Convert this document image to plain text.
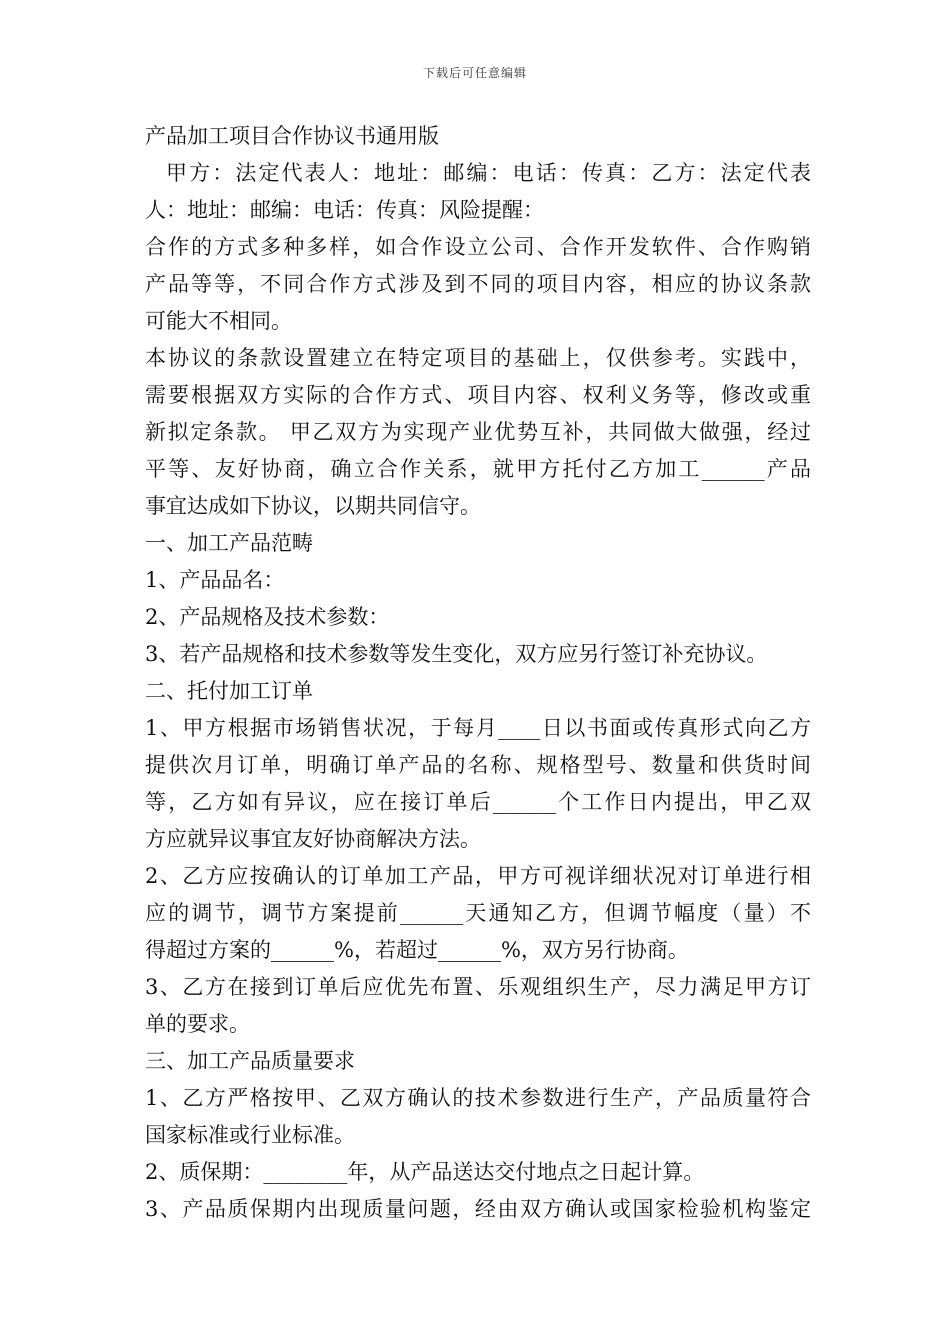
下载后可任意编辑
产品加工项目合作协议书通用版
甲方：法定代表人：地址：邮编：电话：传真：乙方：法定代表
人：地址：邮编：电话：传真：风险提醒：
合作的方式多种多样，如合作设立公司、合作开发软件、合作购销
产品等等，不同合作方式涉及到不同的项目内容，相应的协议条款
可能大不相同。
本协议的条款设置建立在特定项目的基础上，仅供参考。实践中，
需要根据双方实际的合作方式、项目内容、权利义务等，修改或重
新拟定条款。 甲乙双方为实现产业优势互补，共同做大做强，经过
平等、友好协商，确立合作关系，就甲方托付乙方加工______产品
事宜达成如下协议，以期共同信守。
一、加工产品范畴
1、产品品名：
2、产品规格及技术参数：
3、若产品规格和技术参数等发生变化，双方应另行签订补充协议。
二、托付加工订单
1、甲方根据市场销售状况，于每月____日以书面或传真形式向乙方
提供次月订单，明确订单产品的名称、规格型号、数量和供货时间
等，乙方如有异议，应在接订单后______个工作日内提出，甲乙双
方应就异议事宜友好协商解决方法。
2、乙方应按确认的订单加工产品，甲方可视详细状况对订单进行相
应的调节，调节方案提前______天通知乙方，但调节幅度（量）不
得超过方案的______%，若超过______%，双方另行协商。
3、乙方在接到订单后应优先布置、乐观组织生产，尽力满足甲方订
单的要求。
三、加工产品质量要求
1、乙方严格按甲、乙双方确认的技术参数进行生产，产品质量符合
国家标准或行业标准。
2、质保期：________年，从产品送达交付地点之日起计算。
3、产品质保期内出现质量问题，经由双方确认或国家检验机构鉴定
